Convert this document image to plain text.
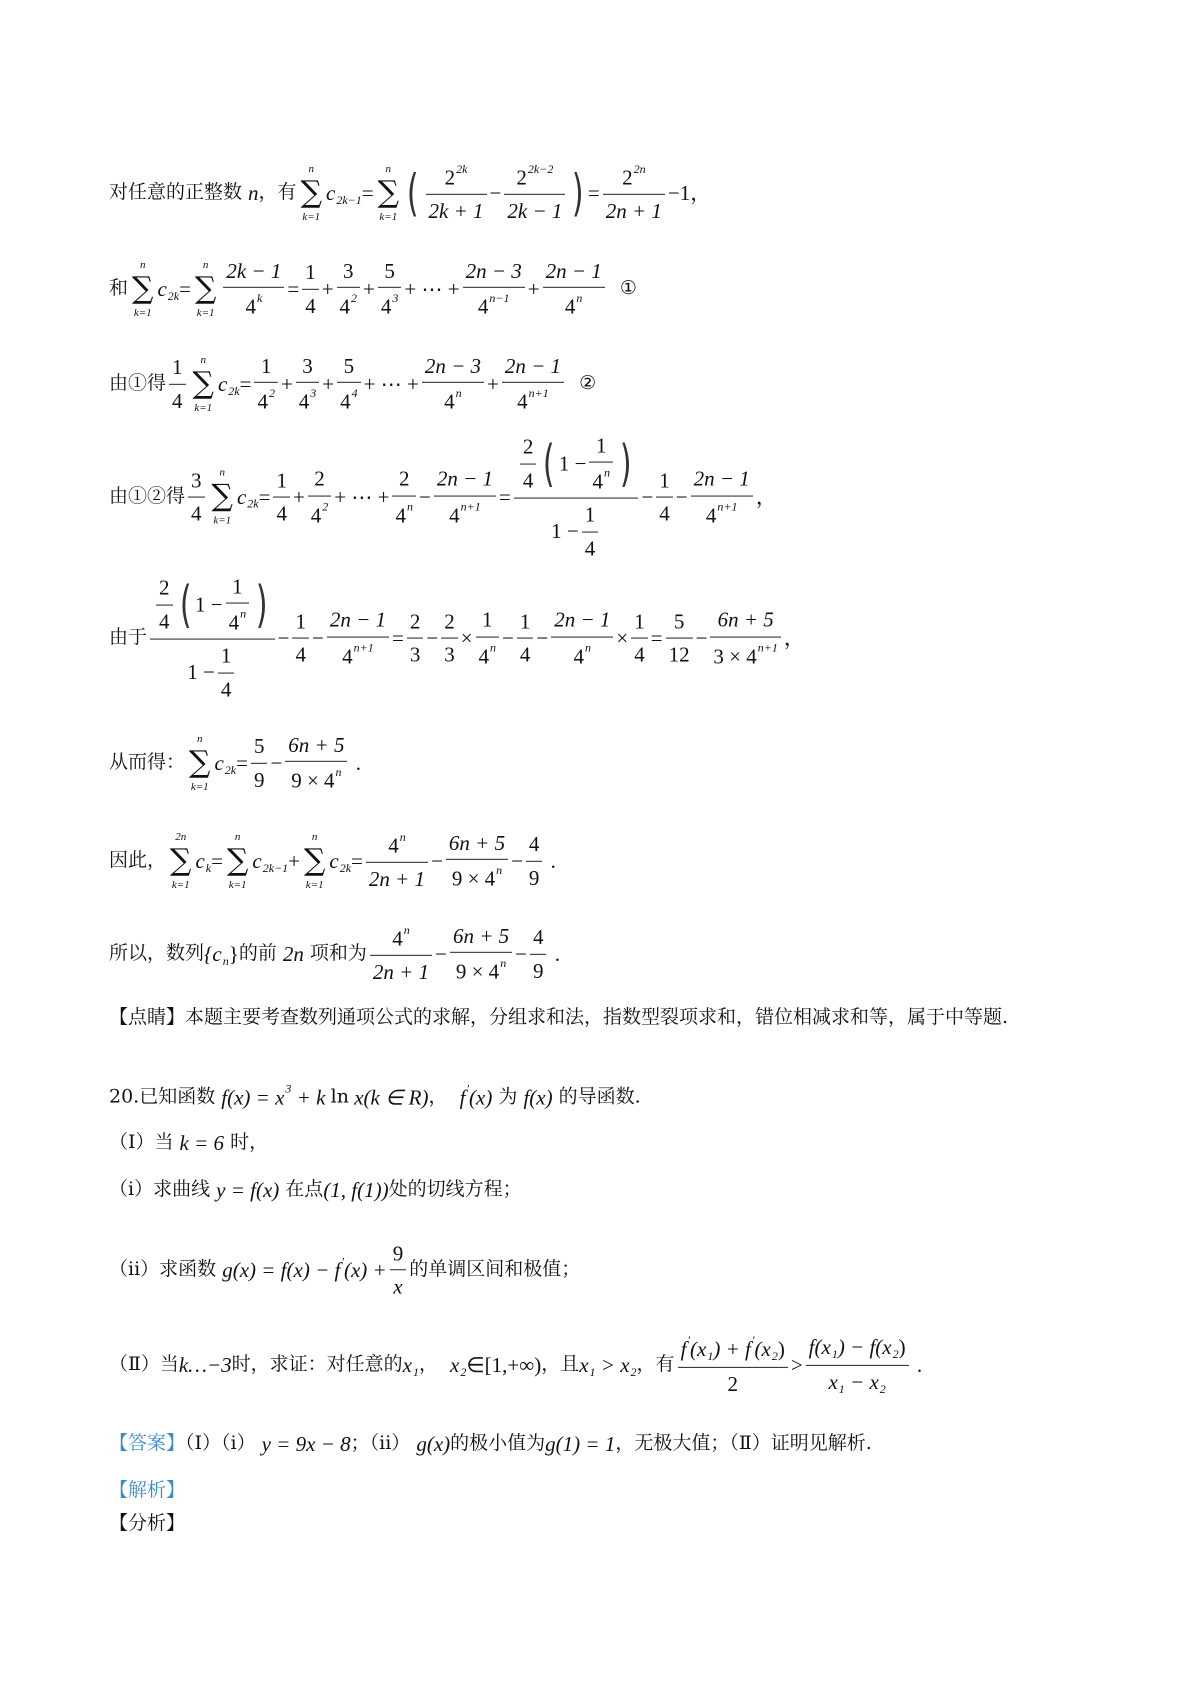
【点睛】本题主要考查数列通项公式的求解，分组求和法，指数型裂项求和，错位相减求和等，属于中等题.
对任意的正整数 n，有
n
∑
k=1
$c_{2k-1}=$
n
∑
k=1 ( $\frac{2^{2k}}{2k + 1} - \frac{2^{2k-2}}{2k - 1}$ ) = $\frac{2^{2n}}{2n + 1} -1$，
和
n
∑
k=1
$c_{2k}=$
n
∑
$k=1 \frac{2k - 1}{4^k} = \frac{1}{4} + \frac{3}{4^2} + \frac{5}{4^3}$ + ⋯ + $\frac{2n - 3}{4^{n-1}} + \frac{2n - 1}{4^n}$ ①
由①得 $\frac{1}{4}$	n
∑
k=1
$c_{2k}= \frac{1}{4^2} + \frac{3}{4^3} + \frac{5}{4^4}$ + ⋯ + $\frac{2n - 3}{4^n} + \frac{2n - 1}{4^{n+1}}$ ②
由①②得 $\frac{3}{4}$	n
∑
k=1
$c_{2k}= \frac{1}{4} + \frac{2}{4^2}$ + ⋯ + $\frac{2}{4^n} - \frac{2n - 1}{4^{n+1}} = \frac{\frac{2}{4} ( 1 - \frac{1}{4^n} )}{1 - \frac{1}{4}} - \frac{1}{4} - \frac{2n - 1}{4^{n+1}}$ ，
由于 $\frac{\frac{2}{4} ( 1 - \frac{1}{4^n} )}{1 - \frac{1}{4}} - \frac{1}{4} - \frac{2n - 1}{4^{n+1}} = \frac{2}{3} - \frac{2}{3} \times \frac{1}{4^n} - \frac{1}{4} - \frac{2n - 1}{4^n} \times \frac{1}{4} = \frac{5}{12} - \frac{6n + 5}{3 \times 4^{n+1}}$ ，
从而得：
n
∑
k=1
$c_{2k}= \frac{5}{9} - \frac{6n + 5}{9 \times 4^n}$ .
因此，
2n
∑
k=1
$c_k=$
n
∑
k=1
$c_{2k-1}+$
n
∑
k=1
$c_{2k}= \frac{4^n}{2n + 1} - \frac{6n + 5}{9 \times 4^n} - \frac{4}{9}$ .
所以，数列$\{c_n\}$的前 2n 项和为 $\frac{4^n}{2n + 1} - \frac{6n + 5}{9 \times 4^n} - \frac{4}{9}$ .
20.已知函数 $f(x) = x^3 + k$ ln x(k ∈ R)，  f′(x) 为 f(x) 的导函数.
（Ⅰ）当 k = 6 时，
（i）求曲线 y = f(x) 在点(1, f(1))处的切线方程；
（ii）求函数 $g(x) = f(x) - f'(x) + \frac{9}{x}$ 的单调区间和极值；
（Ⅱ）当k…−3时，求证：对任意的$x_1$，  $x_2\in[1,+\infty)$，且$x_1 > x_2$，有 $\frac{f'(x_1) + f'(x_2)}{2} > \frac{f(x_1) - f(x_2)}{x_1 - x_2}$ .
【答案】（Ⅰ）（i） y = 9x − 8；（ii） g(x)的极小值为g(1) = 1，无极大值；（Ⅱ）证明见解析.
【解析】
【分析】
